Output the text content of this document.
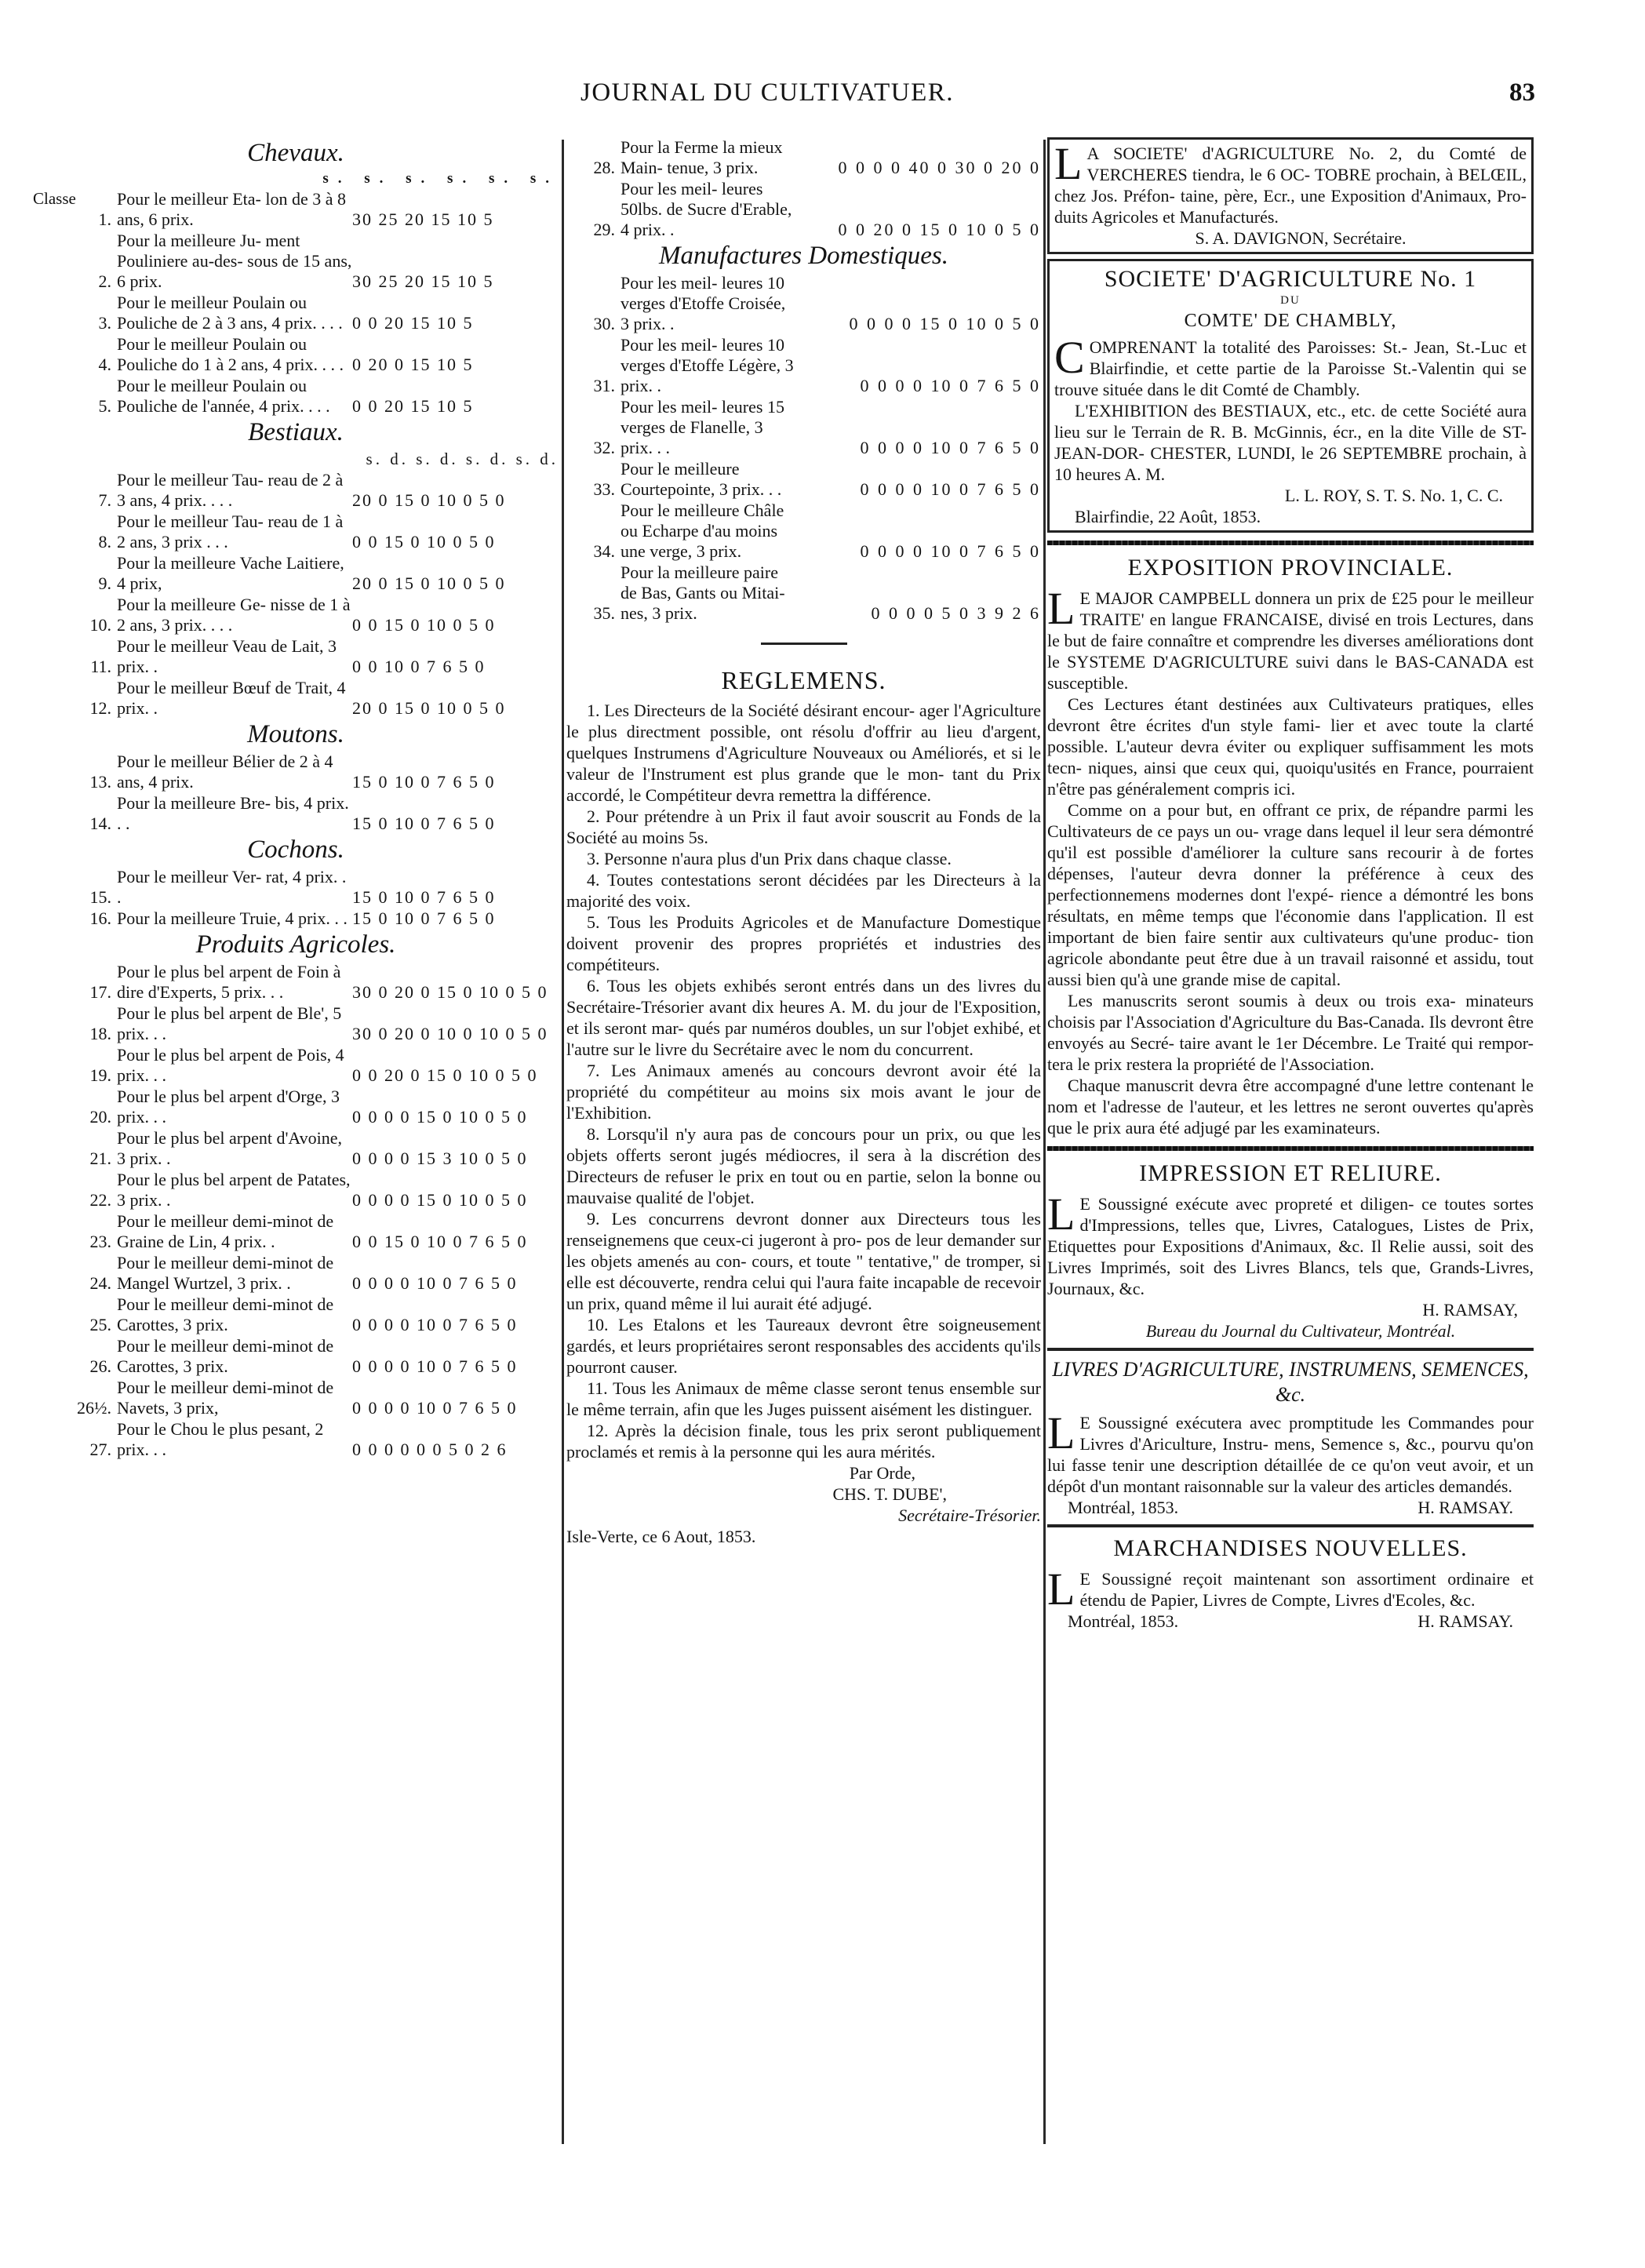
JOURNAL DU CULTIVATUER.	83
Chevaux.
s. s. s. s. s. s.
Classe
1.
Pour le meilleur Eta- lon de 3 à 8 ans, 6 prix.	30 25 20 15 10 5
2.
Pour la meilleure Ju- ment Pouliniere au-des- sous de 15 ans, 6 prix.	30 25 20 15 10 5
3.
Pour le meilleur Poulain ou Pouliche de 2 à 3 ans, 4 prix. . . . 0 0 20 15 10 5
4.
Pour le meilleur Poulain ou Pouliche do 1 à 2 ans, 4 prix. . . . 0 20 0 15 10 5
5.
Pour le meilleur Poulain ou Pouliche de l'année, 4 prix. . . .	0 0 20 15 10 5
Bestiaux.
s. d. s. d. s. d. s. d.
7.
Pour le meilleur Tau- reau de 2 à 3 ans, 4 prix. . . .	20 0 15 0 10 0 5 0
8.
Pour le meilleur Tau- reau de 1 à 2 ans, 3 prix . . .	0 0 15 0 10 0 5 0
9.
Pour la meilleure Vache Laitiere, 4 prix,	20 0 15 0 10 0 5 0
10.
Pour la meilleure Ge- nisse de 1 à 2 ans, 3 prix. . . .	0 0 15 0 10 0 5 0
11.
Pour le meilleur Veau de Lait, 3 prix. .	0 0 10 0 7 6 5 0
12.
Pour le meilleur Bœuf de Trait, 4 prix. .	20 0 15 0 10 0 5 0
Moutons.
13.
Pour le meilleur Bélier de 2 à 4 ans, 4 prix.	15 0 10 0 7 6 5 0
14.
Pour la meilleure Bre- bis, 4 prix. . .	15 0 10 0 7 6 5 0
Cochons.
15.
Pour le meilleur Ver- rat, 4 prix. . .	15 0 10 0 7 6 5 0
16. Pour la meilleure Truie, 4 prix. . . 15 0 10 0 7 6 5 0
Produits Agricoles.
17.
Pour le plus bel arpent de Foin à dire d'Experts, 5 prix. . .	30 0 20 0 15 0 10 0 5 0
18.
Pour le plus bel arpent de Ble', 5 prix. . .	30 0 20 0 10 0 10 0 5 0
19.
Pour le plus bel arpent de Pois, 4 prix. . .	0 0 20 0 15 0 10 0 5 0
20.
Pour le plus bel arpent d'Orge, 3 prix. . .	0 0 0 0 15 0 10 0 5 0
21.
Pour le plus bel arpent d'Avoine, 3 prix. .	0 0 0 0 15 3 10 0 5 0
22.
Pour le plus bel arpent de Patates, 3 prix. .	0 0 0 0 15 0 10 0 5 0
23.
Pour le meilleur demi-minot de Graine de Lin, 4 prix. .	0 0 15 0 10 0 7 6 5 0
24.
Pour le meilleur demi-minot de Mangel Wurtzel, 3 prix. .	0 0 0 0 10 0 7 6 5 0
25.
Pour le meilleur demi-minot de Carottes, 3 prix.	0 0 0 0 10 0 7 6 5 0
26.
Pour le meilleur demi-minot de Carottes, 3 prix.	0 0 0 0 10 0 7 6 5 0
26½.
Pour le meilleur demi-minot de Navets, 3 prix,	0 0 0 0 10 0 7 6 5 0
27.
Pour le Chou le plus pesant, 2 prix. . .	0 0 0 0 0 0 5 0 2 6
28.
Pour la Ferme la mieux Main- tenue, 3 prix.	0 0 0 0 40 0 30 0 20 0
29.
Pour les meil- leures 50lbs. de Sucre d'Erable, 4 prix. .	0 0 20 0 15 0 10 0 5 0
Manufactures Domestiques.
30.
Pour les meil- leures 10 verges d'Etoffe Croisée, 3 prix. .	0 0 0 0 15 0 10 0 5 0
31.
Pour les meil- leures 10 verges d'Etoffe Légère, 3 prix. .	0 0 0 0 10 0 7 6 5 0
32.
Pour les meil- leures 15 verges de Flanelle, 3 prix. . .	0 0 0 0 10 0 7 6 5 0
33.
Pour le meilleure Courtepointe, 3 prix. . .	0 0 0 0 10 0 7 6 5 0
34.
Pour le meilleure Châle ou Echarpe d'au moins une verge, 3 prix.	0 0 0 0 10 0 7 6 5 0
35.
Pour la meilleure paire de Bas, Gants ou Mitai- nes, 3 prix.	0 0 0 0 5 0 3 9 2 6
REGLEMENS.

1. Les Directeurs de la Société désirant encour- ager l'Agriculture le plus directment possible, ont résolu d'offrir au lieu d'argent, quelques Instrumens d'Agriculture Nouveaux ou Améliorés, et si le valeur de l'Instrument est plus grande que le mon- tant du Prix accordé, le Compétiteur devra remettra la différence.

2. Pour prétendre à un Prix il faut avoir souscrit au Fonds de la Société au moins 5s.

3. Personne n'aura plus d'un Prix dans chaque classe.

4. Toutes contestations seront décidées par les Directeurs à la majorité des voix.

5. Tous les Produits Agricoles et de Manufacture Domestique doivent provenir des propres propriétés et industries des compétiteurs.

6. Tous les objets exhibés seront entrés dans un des livres du Secrétaire-Trésorier avant dix heures A. M. du jour de l'Exposition, et ils seront mar- qués par numéros doubles, un sur l'objet exhibé, et l'autre sur le livre du Secrétaire avec le nom du concurrent.

7. Les Animaux amenés au concours devront avoir été la propriété du compétiteur au moins six mois avant le jour de l'Exhibition.

8. Lorsqu'il n'y aura pas de concours pour un prix, ou que les objets offerts seront jugés médiocres, il sera à la discrétion des Directeurs de refuser le prix en tout ou en partie, selon la bonne ou mauvaise qualité de l'objet.

9. Les concurrens devront donner aux Directeurs tous les renseignemens que ceux-ci jugeront à pro- pos de leur demander sur les objets amenés au con- cours, et toute " tentative," de tromper, si elle est découverte, rendra celui qui l'aura faite incapable de recevoir un prix, quand même il lui aurait été adjugé.

10. Les Etalons et les Taureaux devront être soigneusement gardés, et leurs propriétaires seront responsables des accidents qu'ils pourront causer.

11. Tous les Animaux de même classe seront tenus ensemble sur le même terrain, afin que les Juges puissent aisément les distinguer.

12. Après la décision finale, tous les prix seront publiquement proclamés et remis à la personne qui les aura mérités.

Par Orde,
CHS. T. DUBE',
Secrétaire-Trésorier.
Isle-Verte, ce 6 Aout, 1853.
L A SOCIETE' d'AGRICULTURE No. 2, du Comté de VERCHERES tiendra, le 6 OC- TOBRE prochain, à BELŒIL, chez Jos. Préfon- taine, père, Ecr., une Exposition d'Animaux, Pro- duits Agricoles et Manufacturés.

S. A. DAVIGNON, Secrétaire.
SOCIETE' D'AGRICULTURE No. 1
DU
COMTE' DE CHAMBLY,
C OMPRENANT la totalité des Paroisses: St.- Jean, St.-Luc et Blairfindie, et cette partie de la Paroisse St.-Valentin qui se trouve située dans le dit Comté de Chambly.

L'EXHIBITION des BESTIAUX, etc., etc. de cette Société aura lieu sur le Terrain de R. B. McGinnis, écr., en la dite Ville de ST-JEAN-DOR- CHESTER, LUNDI, le 26 SEPTEMBRE prochain, à 10 heures A. M.

L. L. ROY, S. T. S. No. 1, C. C.
Blairfindie, 22 Août, 1853.
EXPOSITION PROVINCIALE.
L E MAJOR CAMPBELL donnera un prix de £25 pour le meilleur TRAITE' en langue FRANCAISE, divisé en trois Lectures, dans le but de faire connaître et comprendre les diverses améliorations dont le SYSTEME D'AGRICULTURE suivi dans le BAS-CANADA est susceptible.

Ces Lectures étant destinées aux Cultivateurs pratiques, elles devront être écrites d'un style fami- lier et avec toute la clarté possible. L'auteur devra éviter ou expliquer suffisamment les mots tecn- niques, ainsi que ceux qui, quoiqu'usités en France, pourraient n'être pas généralement compris ici.

Comme on a pour but, en offrant ce prix, de répandre parmi les Cultivateurs de ce pays un ou- vrage dans lequel il leur sera démontré qu'il est possible d'améliorer la culture sans recourir à de fortes dépenses, l'auteur devra donner la préférence à ceux des perfectionnemens modernes dont l'expé- rience a démontré les bons résultats, en même temps que l'économie dans l'application. Il est important de bien faire sentir aux cultivateurs qu'une produc- tion agricole abondante peut être due à un travail raisonné et assidu, tout aussi bien qu'à une grande mise de capital.

Les manuscrits seront soumis à deux ou trois exa- minateurs choisis par l'Association d'Agriculture du Bas-Canada. Ils devront être envoyés au Secré- taire avant le 1er Décembre. Le Traité qui rempor- tera le prix restera la propriété de l'Association.

Chaque manuscrit devra être accompagné d'une lettre contenant le nom et l'adresse de l'auteur, et les lettres ne seront ouvertes qu'après que le prix aura été adjugé par les examinateurs.

IMPRESSION ET RELIURE.
L E Soussigné exécute avec propreté et diligen- ce toutes sortes d'Impressions, telles que, Livres, Catalogues, Listes de Prix, Etiquettes pour Expositions d'Animaux, &c. Il Relie aussi, soit des Livres Imprimés, soit des Livres Blancs, tels que, Grands-Livres, Journaux, &c.

H. RAMSAY,
Bureau du Journal du Cultivateur, Montréal.
LIVRES D'AGRICULTURE, INSTRUMENS, SEMENCES, &c.
L E Soussigné exécutera avec promptitude les Commandes pour Livres d'Ariculture, Instru- mens, Semence s, &c., pourvu qu'on lui fasse tenir une description détaillée de ce qu'on veut avoir, et un dépôt d'un montant raisonnable sur la valeur des articles demandés.

Montréal, 1853.	H. RAMSAY.
MARCHANDISES NOUVELLES.
L E Soussigné reçoit maintenant son assortiment ordinaire et étendu de Papier, Livres de Compte, Livres d'Ecoles, &c.

Montréal, 1853.	H. RAMSAY.
